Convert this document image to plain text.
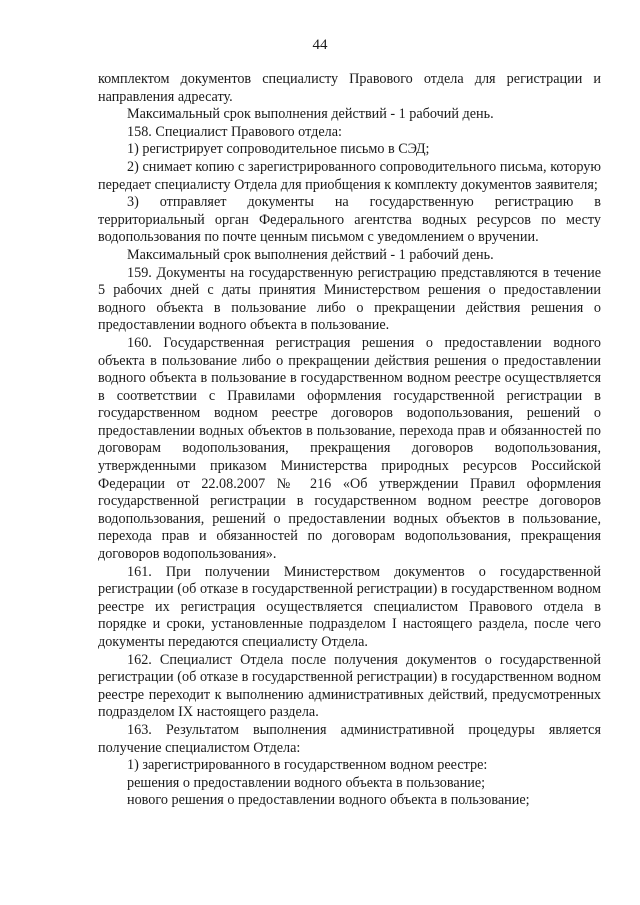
44

комплектом документов специалисту Правового отдела для регистрации и направления адресату.

Максимальный срок выполнения действий - 1 рабочий день.

158. Специалист Правового отдела:

1) регистрирует сопроводительное письмо в СЭД;

2) снимает копию с зарегистрированного сопроводительного письма, которую передает специалисту Отдела для приобщения к комплекту документов заявителя;

3) отправляет документы на государственную регистрацию в территориальный орган Федерального агентства водных ресурсов по месту водопользования по почте ценным письмом с уведомлением о вручении.

Максимальный срок выполнения действий - 1 рабочий день.

159. Документы на государственную регистрацию представляются в течение 5 рабочих дней с даты принятия Министерством решения о предоставлении водного объекта в пользование либо о прекращении действия решения о предоставлении водного объекта в пользование.

160. Государственная регистрация решения о предоставлении водного объекта в пользование либо о прекращении действия решения о предоставлении водного объекта в пользование в государственном водном реестре осуществляется в соответствии с Правилами оформления государственной регистрации в государственном водном реестре договоров водопользования, решений о предоставлении водных объектов в пользование, перехода прав и обязанностей по договорам водопользования, прекращения договоров водопользования, утвержденными приказом Министерства природных ресурсов Российской Федерации от 22.08.2007 № 216 «Об утверждении Правил оформления государственной регистрации в государственном водном реестре договоров водопользования, решений о предоставлении водных объектов в пользование, перехода прав и обязанностей по договорам водопользования, прекращения договоров водопользования».

161. При получении Министерством документов о государственной регистрации (об отказе в государственной регистрации) в государственном водном реестре их регистрация осуществляется специалистом Правового отдела в порядке и сроки, установленные подразделом I настоящего раздела, после чего документы передаются специалисту Отдела.

162. Специалист Отдела после получения документов о государственной регистрации (об отказе в государственной регистрации) в государственном водном реестре переходит к выполнению административных действий, предусмотренных подразделом IX настоящего раздела.

163. Результатом выполнения административной процедуры является получение специалистом Отдела:

1) зарегистрированного в государственном водном реестре:

решения о предоставлении водного объекта в пользование;

нового решения о предоставлении водного объекта в пользование;
